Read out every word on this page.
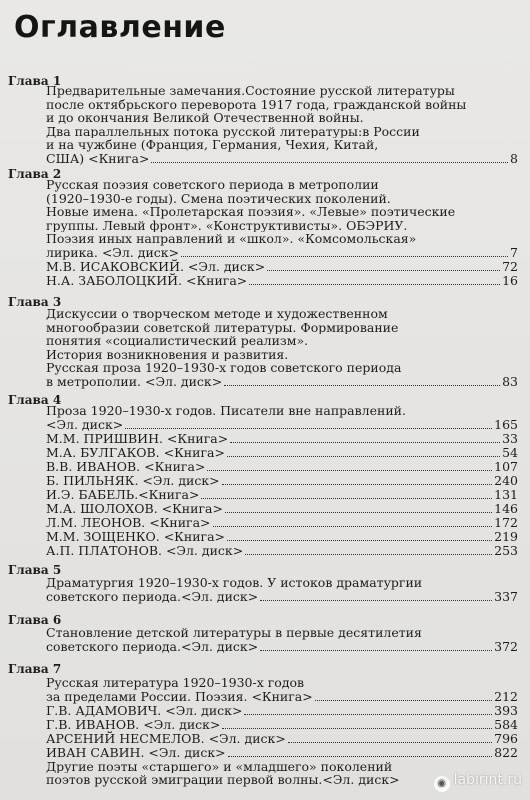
Оглавление
Глава 1
Предварительные замечания.Состояние русской литературы
после октябрьского переворота 1917 года, гражданской войны
и до окончания Великой Отечественной войны.
Два параллельных потока русской литературы:в России
и на чужбине (Франция, Германия, Чехия, Китай,
США) <Книга>	8
Глава 2
Русская поэзия советского периода в метрополии
(1920–1930-е годы). Смена поэтических поколений.
Новые имена. «Пролетарская поэзия». «Левые» поэтические
группы. Левый фронт». «Конструктивисты». ОБЭРИУ.
Поэзия иных направлений и «школ». «Комсомольская»
лирика. <Эл. диск>	7
М.В. ИСАКОВСКИЙ. <Эл. диск>	72
Н.А. ЗАБОЛОЦКИЙ. <Книга>	16
Глава 3
Дискуссии о творческом методе и художественном
многообразии советской литературы. Формирование
понятия «социалистический реализм».
История возникновения и развития.
Русская проза 1920–1930-х годов советского периода
в метрополии. <Эл. диск>	83
Глава 4
Проза 1920–1930-х годов. Писатели вне направлений.
<Эл. диск>	165
М.М. ПРИШВИН. <Книга>	33
М.А. БУЛГАКОВ. <Книга>	54
В.В. ИВАНОВ. <Книга>	107
Б. ПИЛЬНЯК. <Эл. диск>	240
И.Э. БАБЕЛЬ.<Книга>	131
М.А. ШОЛОХОВ. <Книга>	146
Л.М. ЛЕОНОВ. <Книга>	172
М.М. ЗОЩЕНКО. <Книга>	219
А.П. ПЛАТОНОВ. <Эл. диск>	253
Глава 5
Драматургия 1920–1930-х годов. У истоков драматургии
советского периода.<Эл. диск>	337
Глава 6
Становление детской литературы в первые десятилетия
советского периода.<Эл. диск>	372
Глава 7
Русская литература 1920–1930-х годов
за пределами России. Поэзия. <Книга>	212
Г.В. АДАМОВИЧ. <Эл. диск>	393
Г.В. ИВАНОВ. <Эл. диск>	584
АРСЕНИЙ НЕСМЕЛОВ. <Эл. диск>	796
ИВАН САВИН. <Эл. диск>	822
Другие поэты «старшего» и «младшего» поколений
поэтов русской эмиграции первой волны.<Эл. диск>	◉ labirint.ru
